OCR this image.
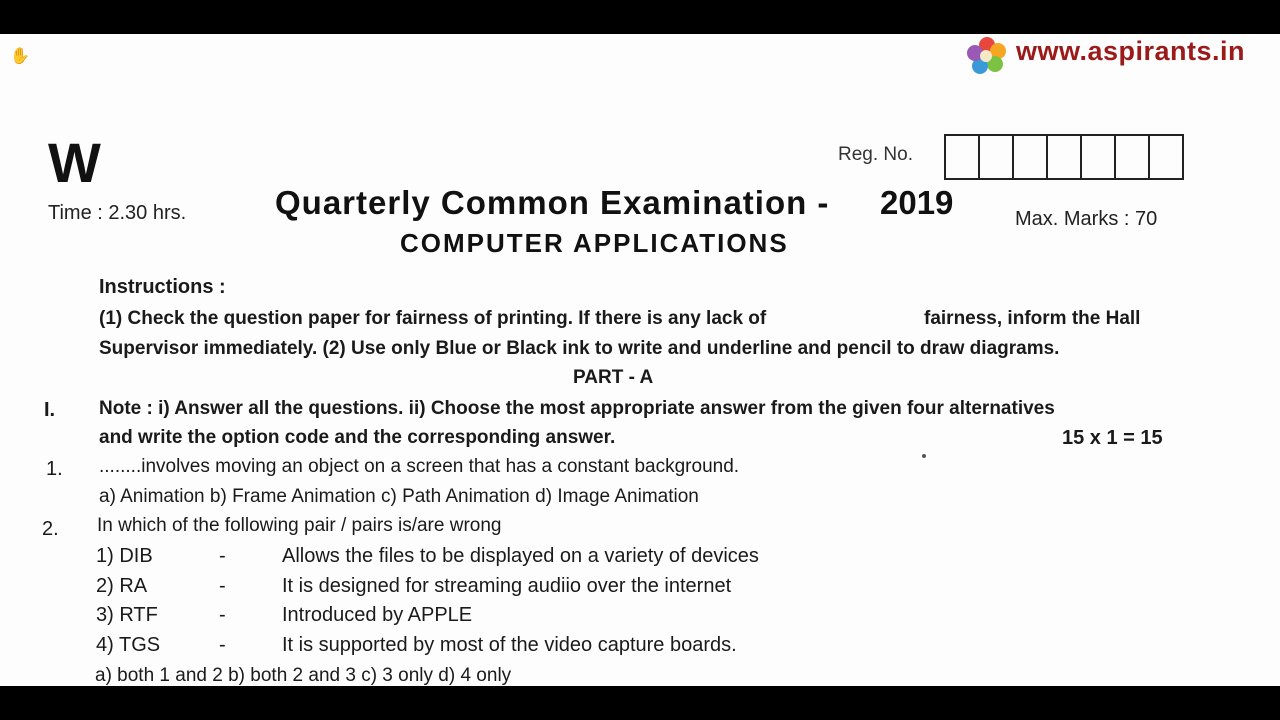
✋	www.aspirants.in
W
Time : 2.30 hrs.
Reg. No.
Quarterly Common Examination - 2019	Max. Marks : 70
COMPUTER APPLICATIONS
Instructions :
(1) Check the question paper for fairness of printing. If there is any lack of	fairness, inform the Hall
Supervisor immediately. (2) Use only Blue or Black ink to write and underline and pencil to draw diagrams.
PART - A
I. Note : i) Answer all the questions. ii) Choose the most appropriate answer from the given four alternatives
and write the option code and the corresponding answer.	15 x 1 = 15
1. ........involves moving an object on a screen that has a constant background.
a) Animation b) Frame Animation c) Path Animation d) Image Animation
2. In which of the following pair / pairs is/are wrong
1) DIB	-	Allows the files to be displayed on a variety of devices
2) RA	-	It is designed for streaming audiio over the internet
3) RTF	-	Introduced by APPLE
4) TGS	-	It is supported by most of the video capture boards.
a) both 1 and 2 b) both 2 and 3 c) 3 only d) 4 only
